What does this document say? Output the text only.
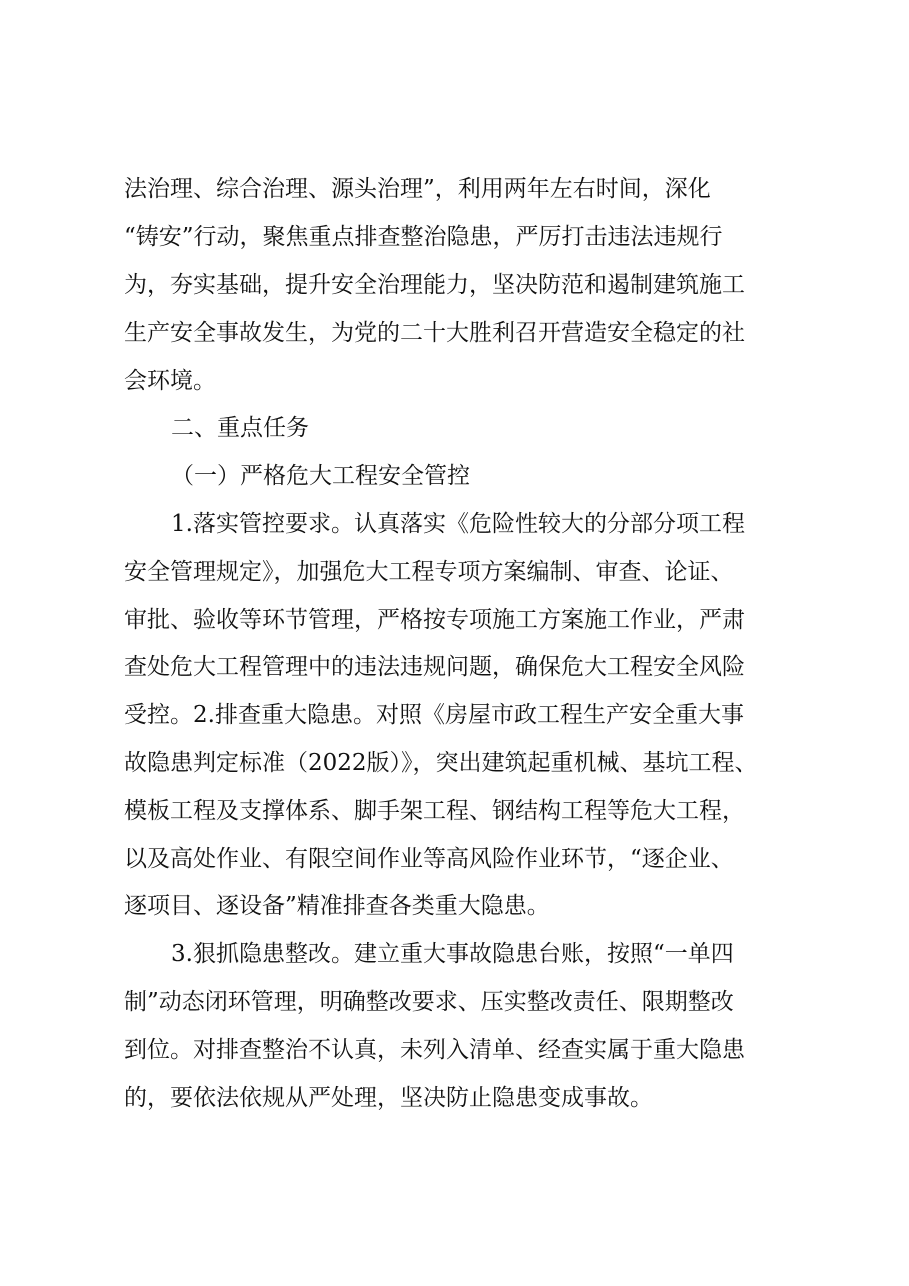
法治理、综合治理、源头治理”，利用两年左右时间，深化

“铸安”行动，聚焦重点排查整治隐患，严厉打击违法违规行

为，夯实基础，提升安全治理能力，坚决防范和遏制建筑施工

生产安全事故发生，为党的二十大胜利召开营造安全稳定的社

会环境。

二、重点任务

（一）严格危大工程安全管控

1.落实管控要求。认真落实《危险性较大的分部分项工程

安全管理规定》，加强危大工程专项方案编制、审查、论证、

审批、验收等环节管理，严格按专项施工方案施工作业，严肃

查处危大工程管理中的违法违规问题，确保危大工程安全风险

受控。2.排查重大隐患。对照《房屋市政工程生产安全重大事

故隐患判定标准（2022版）》，突出建筑起重机械、基坑工程、

模板工程及支撑体系、脚手架工程、钢结构工程等危大工程，

以及高处作业、有限空间作业等高风险作业环节，“逐企业、

逐项目、逐设备”精准排查各类重大隐患。

3.狠抓隐患整改。建立重大事故隐患台账，按照“一单四

制”动态闭环管理，明确整改要求、压实整改责任、限期整改

到位。对排查整治不认真，未列入清单、经查实属于重大隐患

的，要依法依规从严处理，坚决防止隐患变成事故。
